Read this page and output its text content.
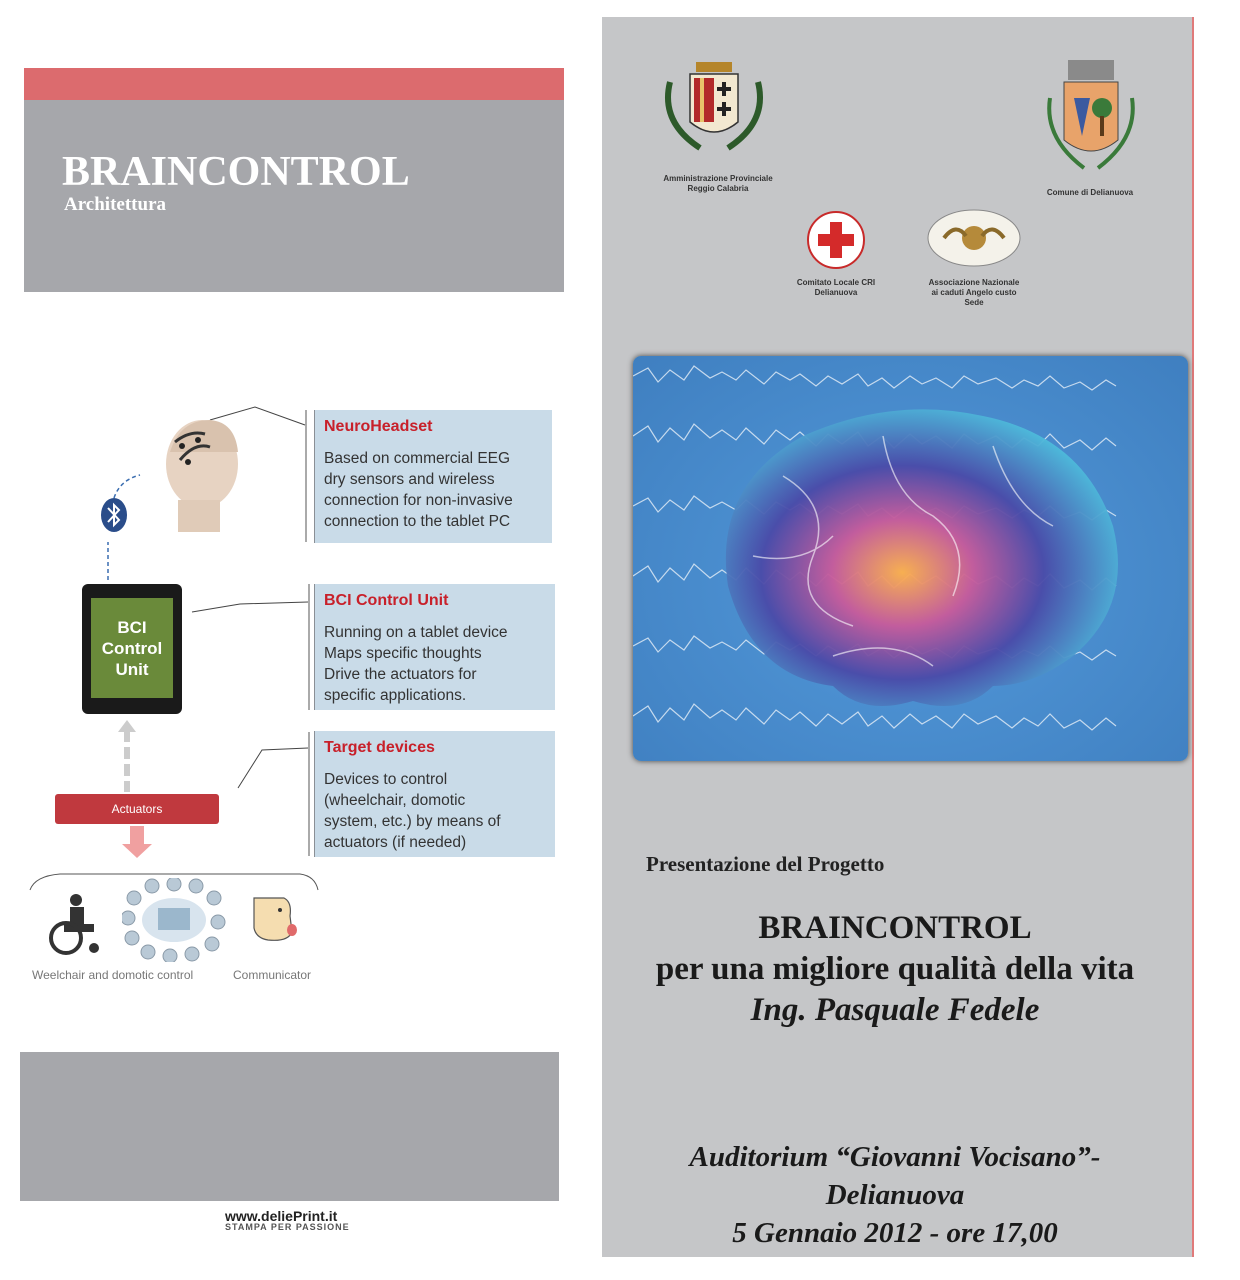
BRAINCONTROL
Architettura
NeuroHeadset
Based on commercial EEG
dry sensors and wireless
connection for non-invasive
connection to the tablet PC
BCI Control Unit
Running on a tablet device
Maps specific thoughts
Drive the actuators for
specific applications.
Target devices
Devices to control
(wheelchair, domotic
system, etc.) by means of
actuators (if needed)
BCI
Control
Unit
Actuators
Weelchair and domotic control	Communicator
www.deliePrint.it
STAMPA PER PASSIONE
Amministrazione Provinciale
Reggio Calabria	Comune di Delianuova
Comitato Locale CRI
Delianuova
Associazione Nazionale
ai caduti Angelo custo
Sede
Presentazione del Progetto
BRAINCONTROL
per una migliore qualità della vita
Ing. Pasquale Fedele
Auditorium “Giovanni Vocisano”- Delianuova
5 Gennaio 2012 - ore 17,00
